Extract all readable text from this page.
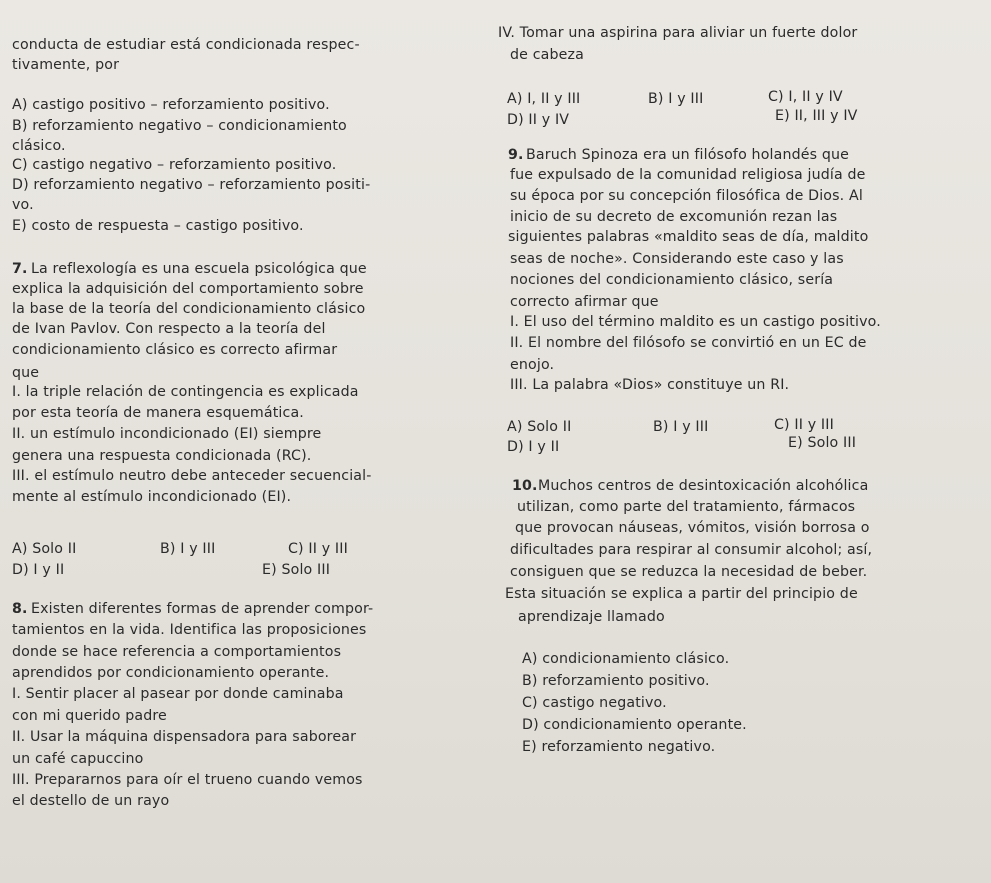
conducta de estudiar está condicionada respec-
tivamente, por
A) castigo positivo – reforzamiento positivo.
B) reforzamiento negativo – condicionamiento
clásico.
C) castigo negativo – reforzamiento positivo.
D) reforzamiento negativo – reforzamiento positi-
vo.
E) costo de respuesta – castigo positivo.
7. La reflexología es una escuela psicológica que
explica la adquisición del comportamiento sobre
la base de la teoría del condicionamiento clásico
de Ivan Pavlov. Con respecto a la teoría del
condicionamiento clásico es correcto afirmar
que
I. la triple relación de contingencia es explicada
por esta teoría de manera esquemática.
II. un estímulo incondicionado (EI) siempre
genera una respuesta condicionada (RC).
III. el estímulo neutro debe anteceder secuencial-
mente al estímulo incondicionado (EI).
A) Solo II	B) I y III	C) II y III
D) I y II	E) Solo III
8. Existen diferentes formas de aprender compor-
tamientos en la vida. Identifica las proposiciones
donde se hace referencia a comportamientos
aprendidos por condicionamiento operante.
I. Sentir placer al pasear por donde caminaba
con mi querido padre
II. Usar la máquina dispensadora para saborear
un café capuccino
III. Prepararnos para oír el trueno cuando vemos
el destello de un rayo
IV. Tomar una aspirina para aliviar un fuerte dolor
de cabeza
A) I, II y III	B) I y III	C) I, II y IV
D) II y IV	E) II, III y IV
9. Baruch Spinoza era un filósofo holandés que
fue expulsado de la comunidad religiosa judía de
su época por su concepción filosófica de Dios. Al
inicio de su decreto de excomunión rezan las
siguientes palabras «maldito seas de día, maldito
seas de noche». Considerando este caso y las
nociones del condicionamiento clásico, sería
correcto afirmar que
I. El uso del término maldito es un castigo positivo.
II. El nombre del filósofo se convirtió en un EC de
enojo.
III. La palabra «Dios» constituye un RI.
A) Solo II	B) I y III	C) II y III
D) I y II	E) Solo III
10. Muchos centros de desintoxicación alcohólica
utilizan, como parte del tratamiento, fármacos
que provocan náuseas, vómitos, visión borrosa o
dificultades para respirar al consumir alcohol; así,
consiguen que se reduzca la necesidad de beber.
Esta situación se explica a partir del principio de
aprendizaje llamado
A) condicionamiento clásico.
B) reforzamiento positivo.
C) castigo negativo.
D) condicionamiento operante.
E) reforzamiento negativo.
